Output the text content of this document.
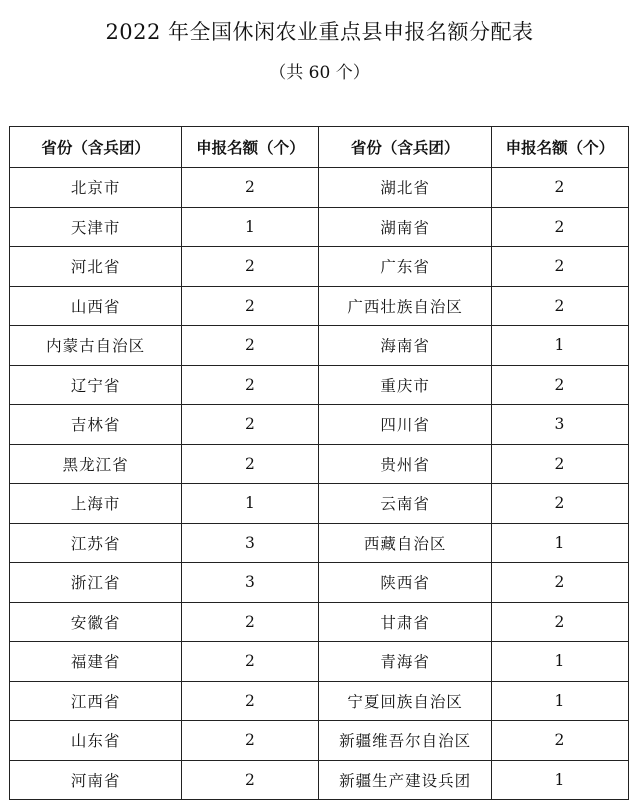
2022 年全国休闲农业重点县申报名额分配表
（共 60 个）
省份（含兵团）	申报名额（个）	省份（含兵团）	申报名额（个）
北京市	2	湖北省	2
天津市	1	湖南省	2
河北省	2	广东省	2
山西省	2	广西壮族自治区	2
内蒙古自治区	2	海南省	1
辽宁省	2	重庆市	2
吉林省	2	四川省	3
黑龙江省	2	贵州省	2
上海市	1	云南省	2
江苏省	3	西藏自治区	1
浙江省	3	陕西省	2
安徽省	2	甘肃省	2
福建省	2	青海省	1
江西省	2	宁夏回族自治区	1
山东省	2	新疆维吾尔自治区	2
河南省	2	新疆生产建设兵团	1
